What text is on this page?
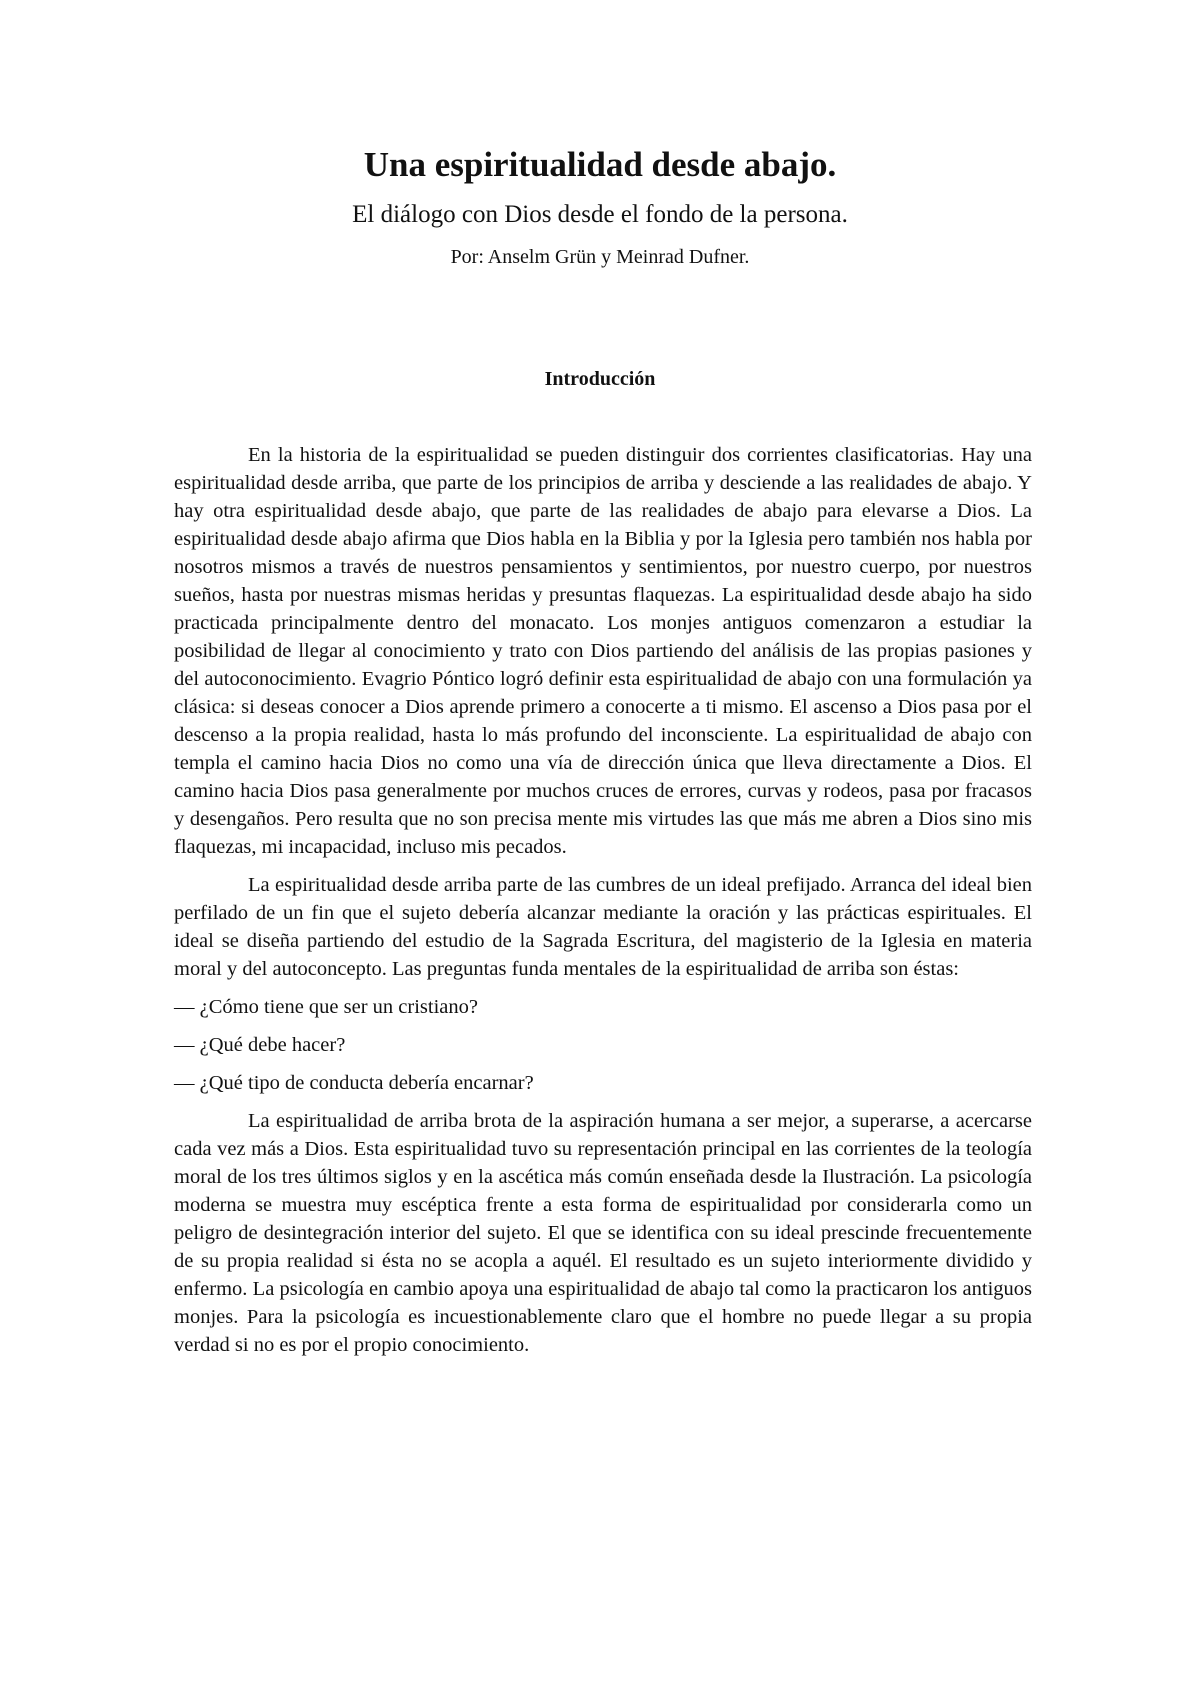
Una espiritualidad desde abajo.
El diálogo con Dios desde el fondo de la persona.

Por: Anselm Grün y Meinrad Dufner.

Introducción

En la historia de la espiritualidad se pueden distinguir dos corrientes clasificatorias. Hay una espiritualidad desde arriba, que parte de los principios de arriba y desciende a las realidades de abajo. Y hay otra espiritualidad desde abajo, que parte de las realidades de abajo para elevarse a Dios. La espiritualidad desde abajo afirma que Dios habla en la Biblia y por la Iglesia pero también nos habla por nosotros mismos a través de nuestros pensamientos y sentimientos, por nuestro cuerpo, por nuestros sueños, hasta por nuestras mismas heridas y presuntas flaquezas. La espiritualidad desde abajo ha sido practicada principalmente dentro del monacato. Los monjes antiguos comenzaron a estudiar la posibilidad de llegar al conocimiento y trato con Dios partiendo del análisis de las propias pasiones y del autoconocimiento. Evagrio Póntico logró definir esta espiritualidad de abajo con una formulación ya clásica: si deseas conocer a Dios aprende primero a conocerte a ti mismo. El ascenso a Dios pasa por el descenso a la propia realidad, hasta lo más profundo del inconsciente. La espiritualidad de abajo con templa el camino hacia Dios no como una vía de dirección única que lleva directamente a Dios. El camino hacia Dios pasa generalmente por muchos cruces de errores, curvas y rodeos, pasa por fracasos y desengaños. Pero resulta que no son precisa mente mis virtudes las que más me abren a Dios sino mis flaquezas, mi incapacidad, incluso mis pecados.

La espiritualidad desde arriba parte de las cumbres de un ideal prefijado. Arranca del ideal bien perfilado de un fin que el sujeto debería alcanzar mediante la oración y las prácticas espirituales. El ideal se diseña partiendo del estudio de la Sagrada Escritura, del magisterio de la Iglesia en materia moral y del autoconcepto. Las preguntas funda mentales de la espiritualidad de arriba son éstas:

— ¿Cómo tiene que ser un cristiano?

— ¿Qué debe hacer?

— ¿Qué tipo de conducta debería encarnar?

La espiritualidad de arriba brota de la aspiración humana a ser mejor, a superarse, a acercarse cada vez más a Dios. Esta espiritualidad tuvo su representación principal en las corrientes de la teología moral de los tres últimos siglos y en la ascética más común enseñada desde la Ilustración. La psicología moderna se muestra muy escéptica frente a esta forma de espiritualidad por considerarla como un peligro de desintegración interior del sujeto. El que se identifica con su ideal prescinde frecuentemente de su propia realidad si ésta no se acopla a aquél. El resultado es un sujeto interiormente dividido y enfermo. La psicología en cambio apoya una espiritualidad de abajo tal como la practicaron los antiguos monjes. Para la psicología es incuestionablemente claro que el hombre no puede llegar a su propia verdad si no es por el propio conocimiento.
